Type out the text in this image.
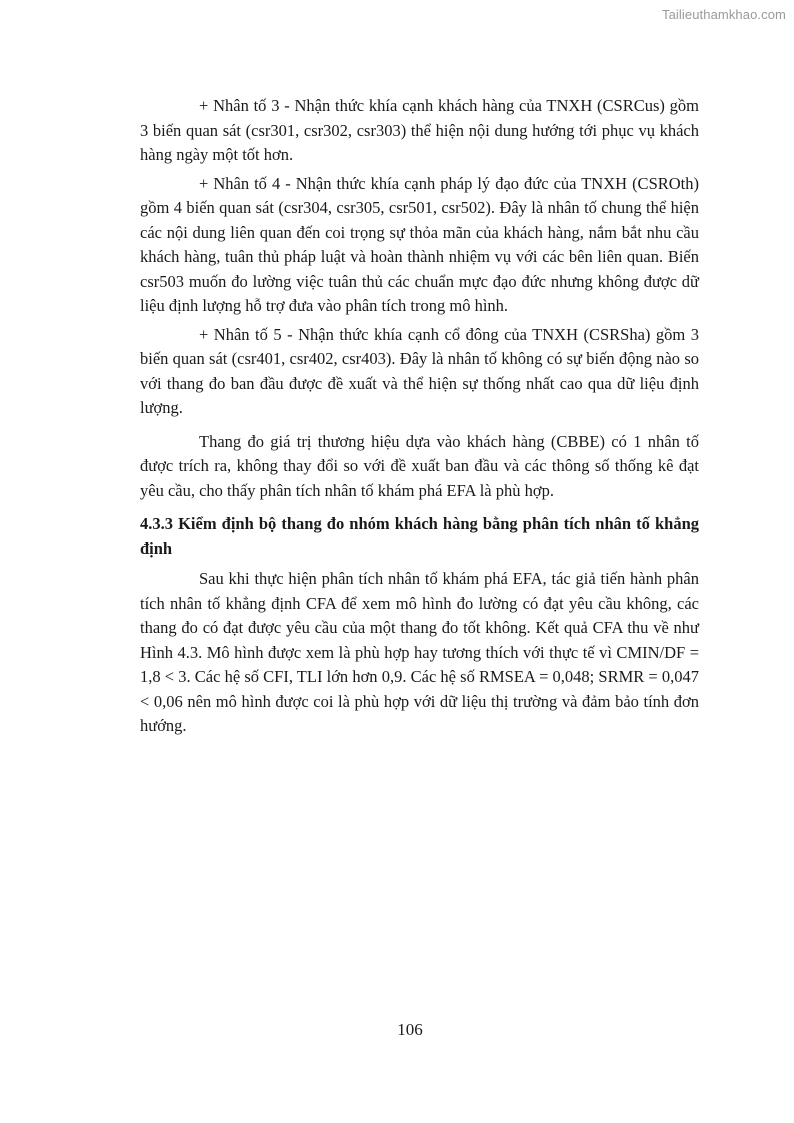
Tailieuthamkhao.com

+ Nhân tố 3 - Nhận thức khía cạnh khách hàng của TNXH (CSRCus) gồm 3 biến quan sát (csr301, csr302, csr303) thể hiện nội dung hướng tới phục vụ khách hàng ngày một tốt hơn.

+ Nhân tố 4 - Nhận thức khía cạnh pháp lý đạo đức của TNXH (CSROth) gồm 4 biến quan sát (csr304, csr305, csr501, csr502). Đây là nhân tố chung thể hiện các nội dung liên quan đến coi trọng sự thỏa mãn của khách hàng, nắm bắt nhu cầu khách hàng, tuân thủ pháp luật và hoàn thành nhiệm vụ với các bên liên quan. Biến csr503 muốn đo lường việc tuân thủ các chuẩn mực đạo đức nhưng không được dữ liệu định lượng hỗ trợ đưa vào phân tích trong mô hình.

+ Nhân tố 5 - Nhận thức khía cạnh cổ đông của TNXH (CSRSha) gồm 3 biến quan sát (csr401, csr402, csr403). Đây là nhân tố không có sự biến động nào so với thang đo ban đầu được đề xuất và thể hiện sự thống nhất cao qua dữ liệu định lượng.

Thang đo giá trị thương hiệu dựa vào khách hàng (CBBE) có 1 nhân tố được trích ra, không thay đổi so với đề xuất ban đầu và các thông số thống kê đạt yêu cầu, cho thấy phân tích nhân tố khám phá EFA là phù hợp.

4.3.3 Kiểm định bộ thang đo nhóm khách hàng bằng phân tích nhân tố khẳng định

Sau khi thực hiện phân tích nhân tố khám phá EFA, tác giả tiến hành phân tích nhân tố khẳng định CFA để xem mô hình đo lường có đạt yêu cầu không, các thang đo có đạt được yêu cầu của một thang đo tốt không. Kết quả CFA thu về như Hình 4.3. Mô hình được xem là phù hợp hay tương thích với thực tế vì CMIN/DF = 1,8 < 3. Các hệ số CFI, TLI lớn hơn 0,9. Các hệ số RMSEA = 0,048; SRMR = 0,047 < 0,06 nên mô hình được coi là phù hợp với dữ liệu thị trường và đảm bảo tính đơn hướng.

106
